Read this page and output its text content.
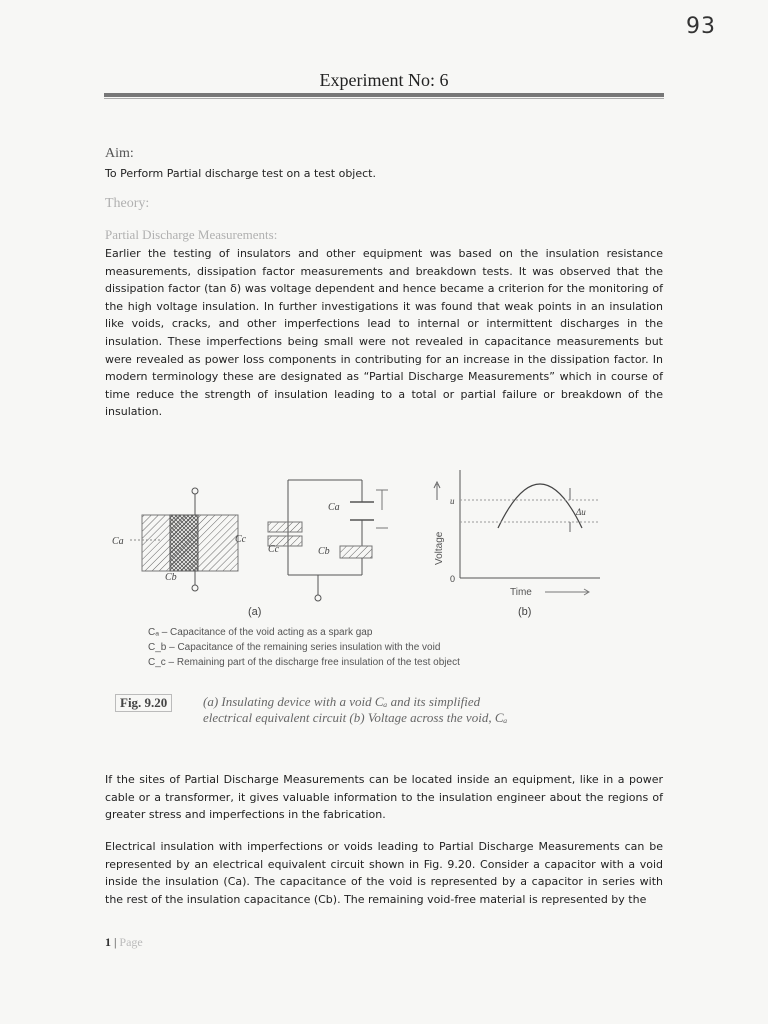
93
Experiment No: 6
Aim:
To Perform Partial discharge test on a test object.
Theory:
Partial Discharge Measurements:
Earlier the testing of insulators and other equipment was based on the insulation resistance measurements, dissipation factor measurements and breakdown tests. It was observed that the dissipation factor (tan δ) was voltage dependent and hence became a criterion for the monitoring of the high voltage insulation. In further investigations it was found that weak points in an insulation like voids, cracks, and other imperfections lead to internal or intermittent discharges in the insulation. These imperfections being small were not revealed in capacitance measurements but were revealed as power loss components in contributing for an increase in the dissipation factor. In modern terminology these are designated as “Partial Discharge Measurements” which in course of time reduce the strength of insulation leading to a total or partial failure or breakdown of the insulation.
Ca	Cc
Cb
Ca
Cc	Cb
u
Δu
0
Voltage
Time
(a)	(b)
Cₐ – Capacitance of the void acting as a spark gap
C_b – Capacitance of the remaining series insulation with the void
C_c – Remaining part of the discharge free insulation of the test object
Fig. 9.20	(a) Insulating device with a void Cₐ and its simplified
electrical equivalent circuit (b) Voltage across the void, Cₐ
If the sites of Partial Discharge Measurements can be located inside an equipment, like in a power cable or a transformer, it gives valuable information to the insulation engineer about the regions of greater stress and imperfections in the fabrication.
Electrical insulation with imperfections or voids leading to Partial Discharge Measurements can be represented by an electrical equivalent circuit shown in Fig. 9.20. Consider a capacitor with a void inside the insulation (Ca). The capacitance of the void is represented by a capacitor in series with the rest of the insulation capacitance (Cb). The remaining void-free material is represented by the
1 | Page
